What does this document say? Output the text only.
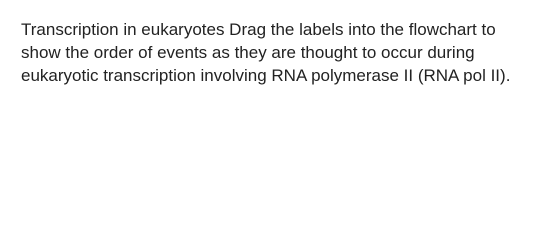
Transcription in eukaryotes Drag the labels into the flowchart to
show the order of events as they are thought to occur during
eukaryotic transcription involving RNA polymerase II (RNA pol II).
